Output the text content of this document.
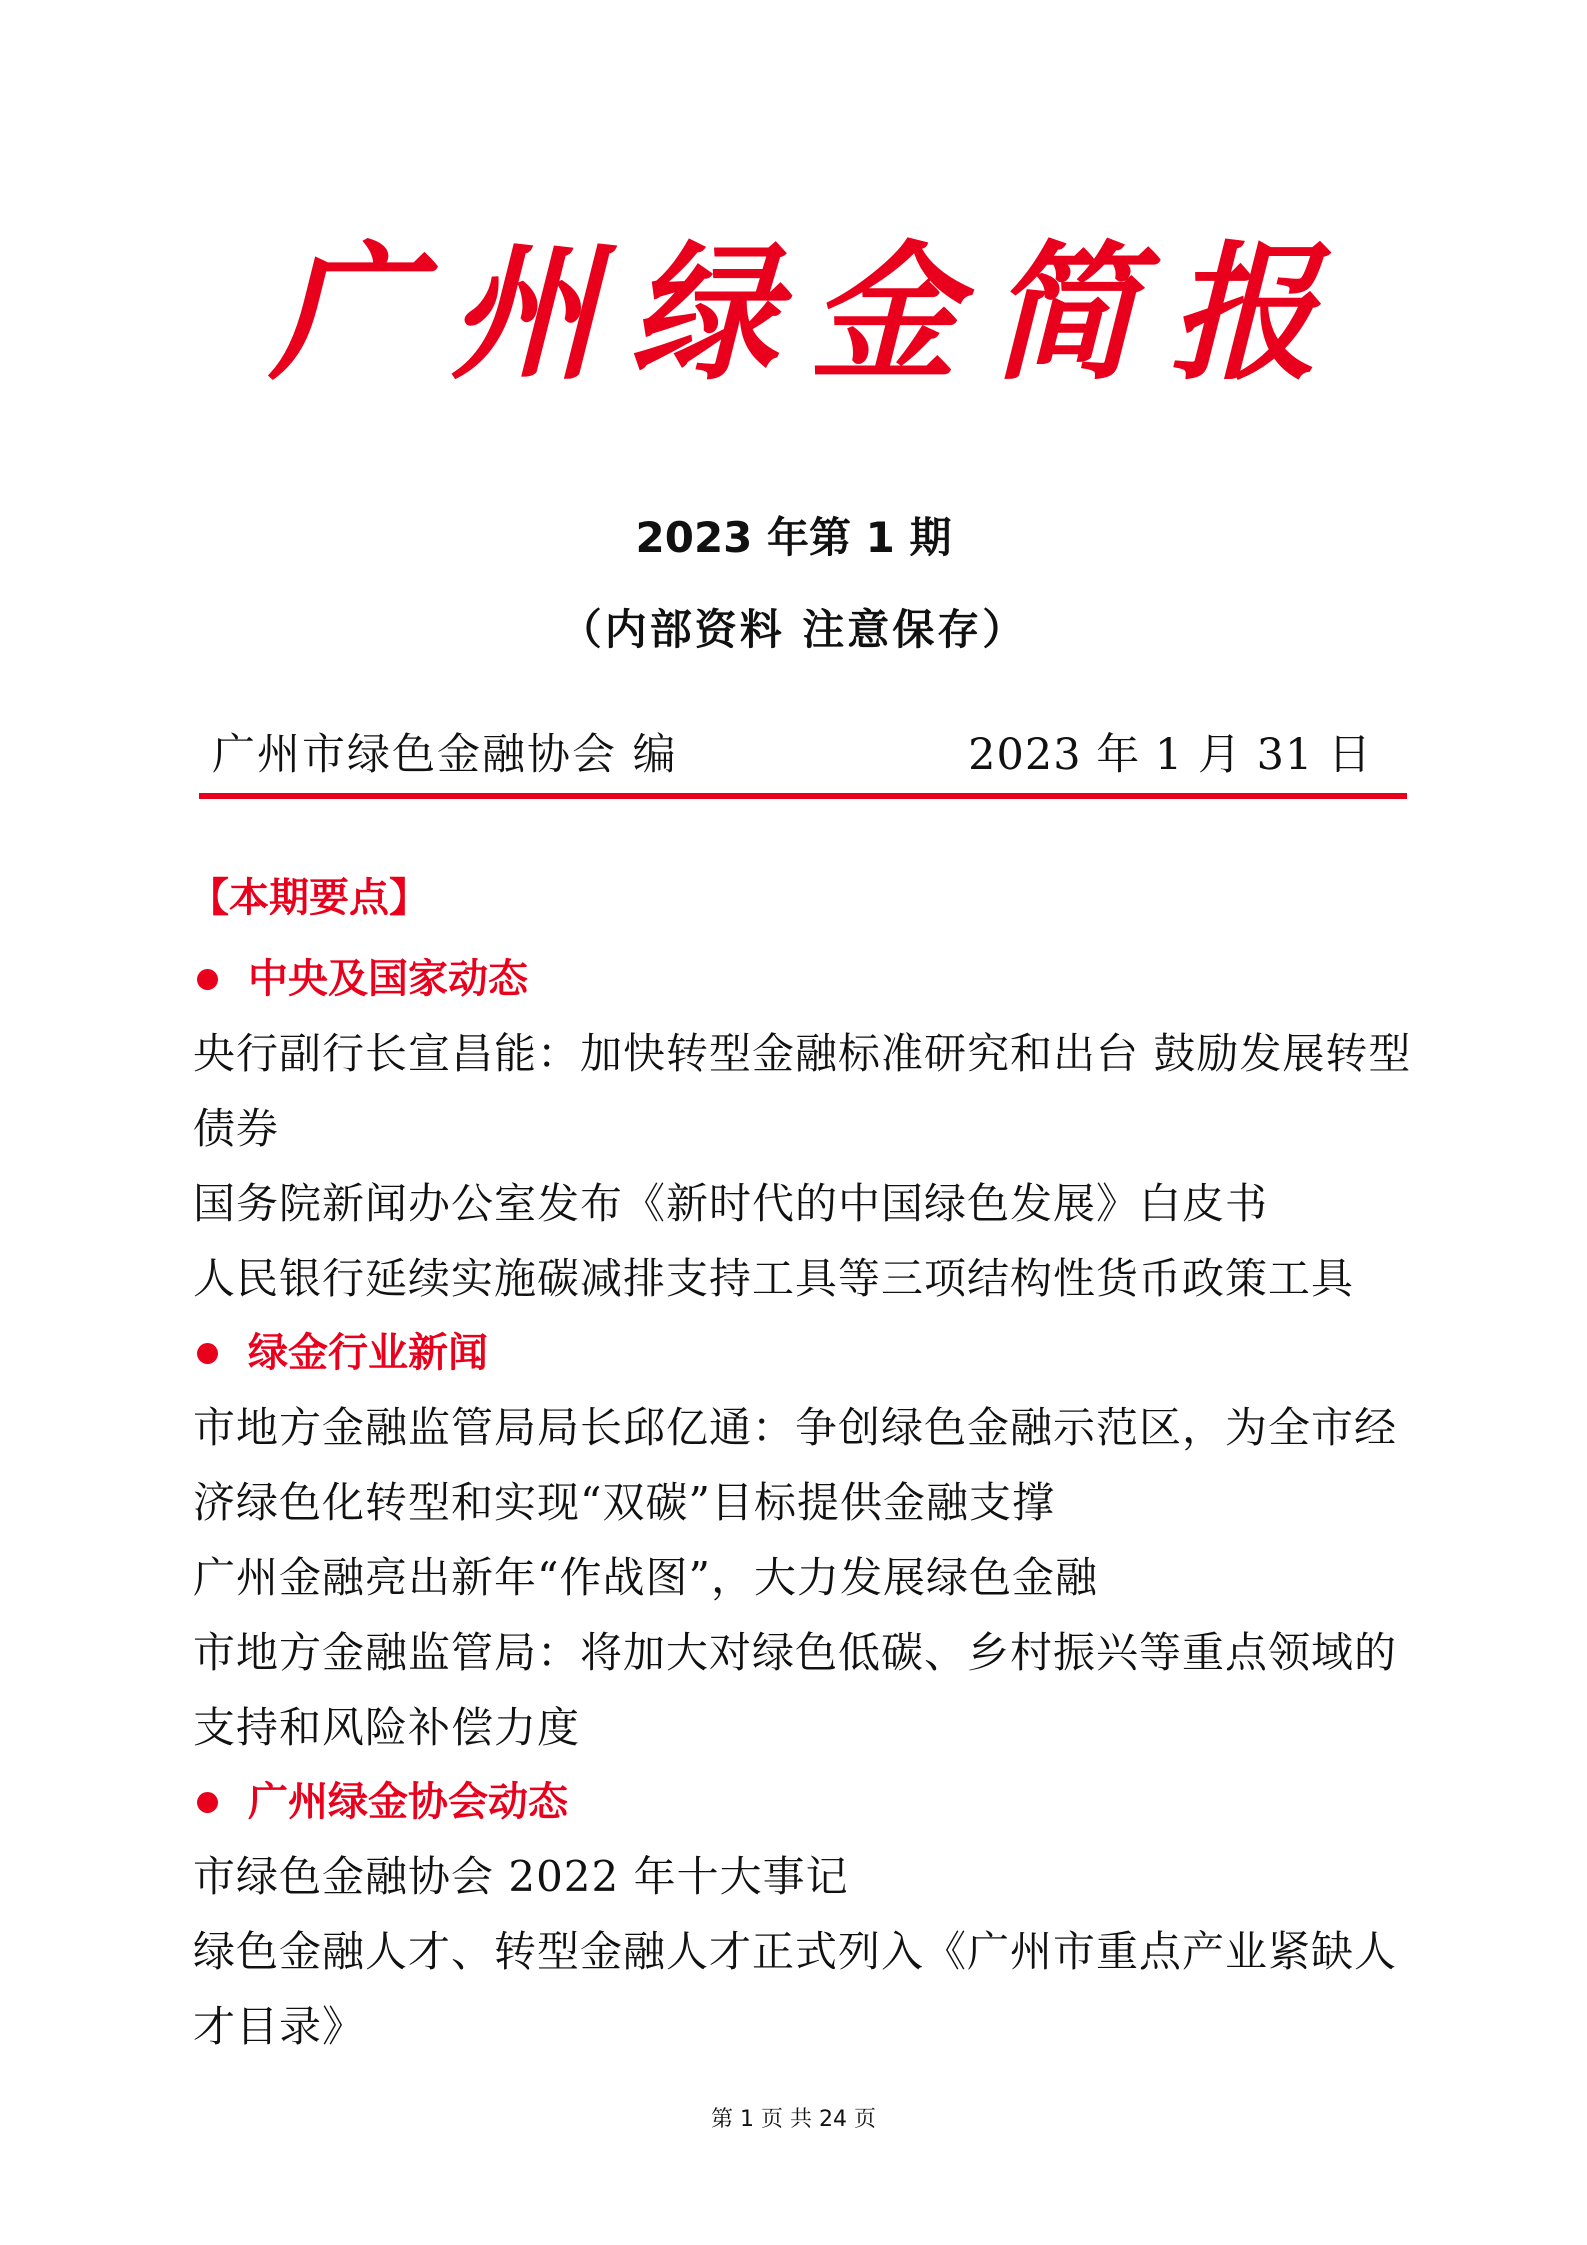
广州绿金简报
2023 年第 1 期
（内部资料 注意保存）
广州市绿色金融协会 编	2023 年 1 月 31 日
【本期要点】
中央及国家动态
央行副行长宣昌能：加快转型金融标准研究和出台 鼓励发展转型债券
国务院新闻办公室发布《新时代的中国绿色发展》白皮书
人民银行延续实施碳减排支持工具等三项结构性货币政策工具
绿金行业新闻
市地方金融监管局局长邱亿通：争创绿色金融示范区，为全市经济绿色化转型和实现“双碳”目标提供金融支撑
广州金融亮出新年“作战图”，大力发展绿色金融
市地方金融监管局：将加大对绿色低碳、乡村振兴等重点领域的支持和风险补偿力度
广州绿金协会动态
市绿色金融协会 2022 年十大事记
绿色金融人才、转型金融人才正式列入《广州市重点产业紧缺人才目录》
第 1 页 共 24 页
